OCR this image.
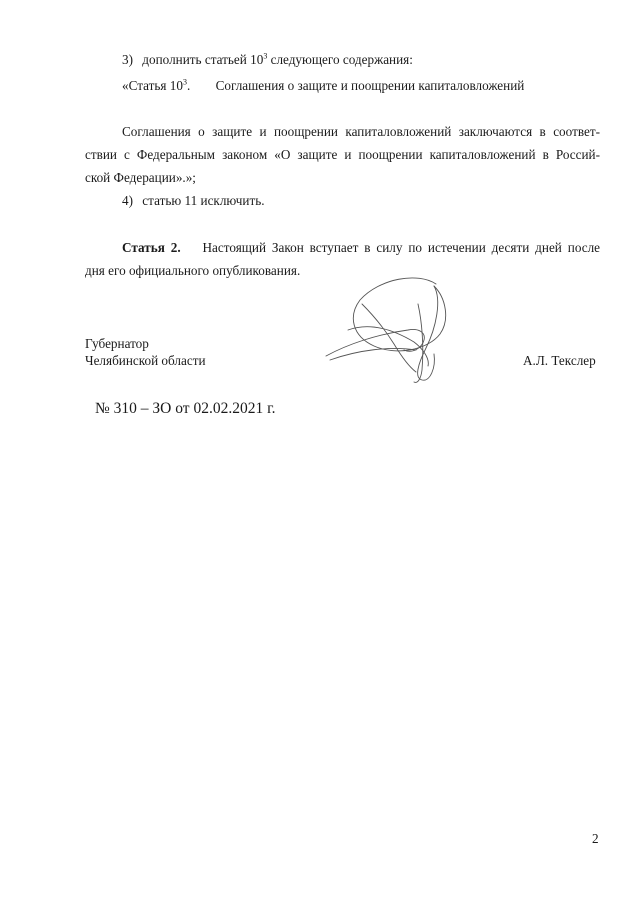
3) дополнить статьей $10^3$ следующего содержания:
«Статья $10^3$. Соглашения о защите и поощрении капиталовложений
Соглашения о защите и поощрении капиталовложений заключаются в соответ-
ствии с Федеральным законом «О защите и поощрении капиталовложений в Россий-
ской Федерации».»;
4) статью 11 исключить.
Статья 2. Настоящий Закон вступает в силу по истечении десяти дней после
дня его официального опубликования.
Губернатор
Челябинской области	А.Л. Текслер
№ 310 – ЗО от 02.02.2021 г.
2
